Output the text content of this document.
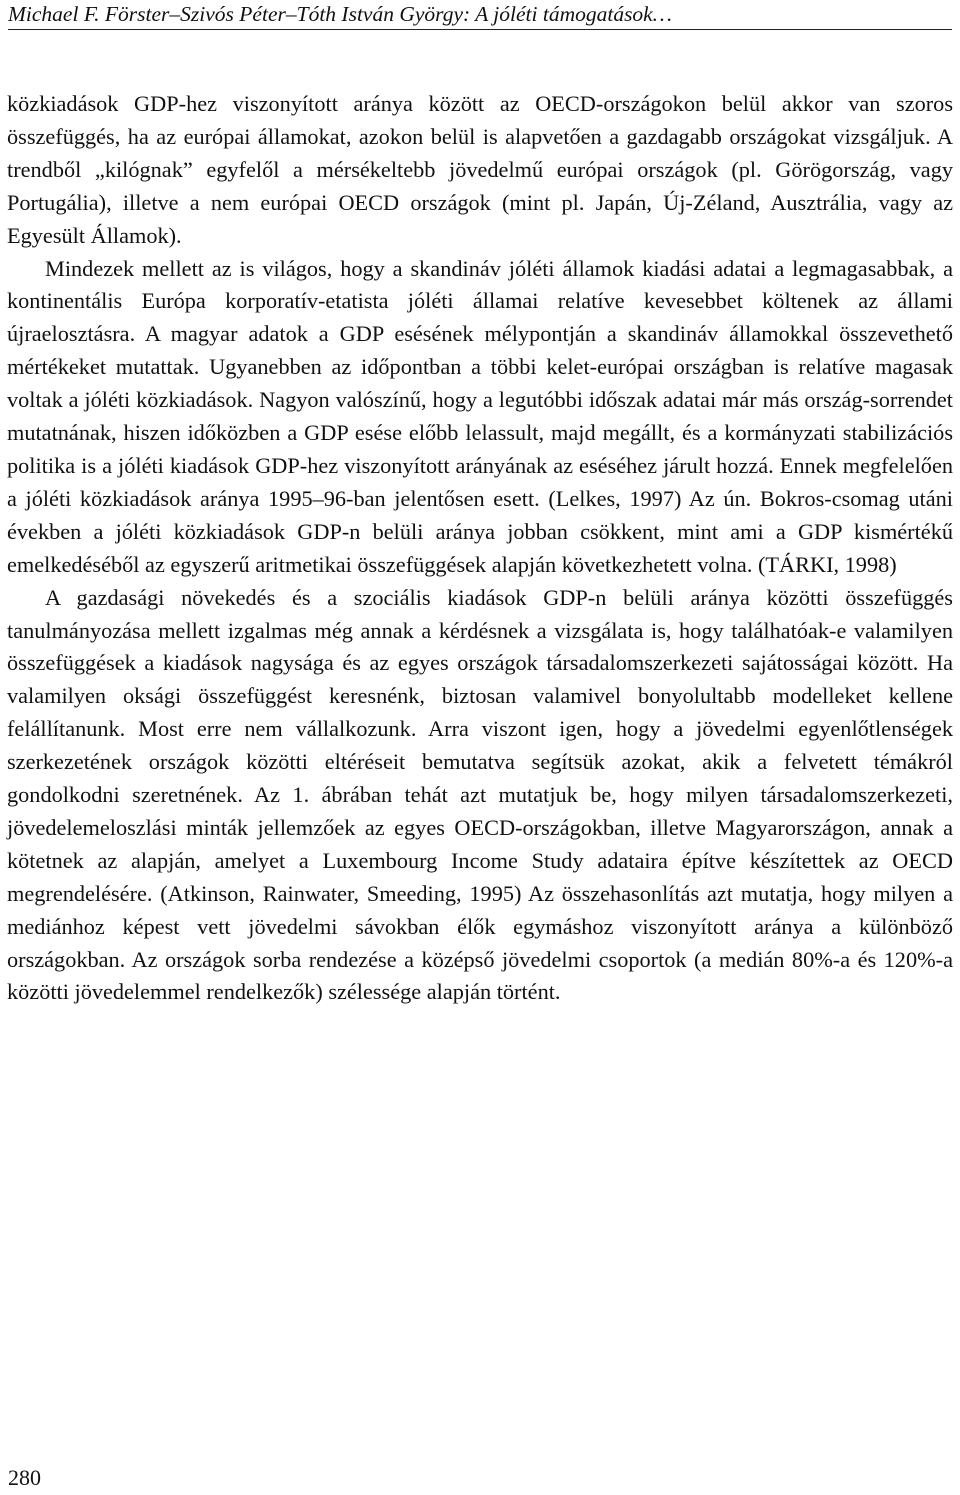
Michael F. Förster–Szivós Péter–Tóth István György: A jóléti támogatások…

közkiadások GDP-hez viszonyított aránya között az OECD-országokon belül akkor van szoros összefüggés, ha az európai államokat, azokon belül is alapvetően a gazdagabb országokat vizsgáljuk. A trendből „kilógnak” egyfelől a mérsékeltebb jövedelmű európai országok (pl. Görögország, vagy Portugália), illetve a nem európai OECD országok (mint pl. Japán, Új-Zéland, Ausztrália, vagy az Egyesült Államok).

Mindezek mellett az is világos, hogy a skandináv jóléti államok kiadási adatai a legmagasabbak, a kontinentális Európa korporatív-etatista jóléti államai relatíve kevesebbet költenek az állami újraelosztásra. A magyar adatok a GDP esésének mélypontján a skandináv államokkal összevethető mértékeket mutattak. Ugyanebben az időpontban a többi kelet-európai országban is relatíve magasak voltak a jóléti közkiadások. Nagyon valószínű, hogy a legutóbbi időszak adatai már más ország-sorrendet mutatnának, hiszen időközben a GDP esése előbb lelassult, majd megállt, és a kormányzati stabilizációs politika is a jóléti kiadások GDP-hez viszonyított arányának az eséséhez járult hozzá. Ennek megfelelően a jóléti közkiadások aránya 1995–96-ban jelentősen esett. (Lelkes, 1997) Az ún. Bokros-csomag utáni években a jóléti közkiadások GDP-n belüli aránya jobban csökkent, mint ami a GDP kismértékű emelkedéséből az egyszerű aritmetikai összefüggések alapján következhetett volna. (TÁRKI, 1998)

A gazdasági növekedés és a szociális kiadások GDP-n belüli aránya közötti összefüggés tanulmányozása mellett izgalmas még annak a kérdésnek a vizsgálata is, hogy találhatóak-e valamilyen összefüggések a kiadások nagysága és az egyes országok társadalomszerkezeti sajátosságai között. Ha valamilyen oksági összefüggést keresnénk, biztosan valamivel bonyolultabb modelleket kellene felállítanunk. Most erre nem vállalkozunk. Arra viszont igen, hogy a jövedelmi egyenlőtlenségek szerkezetének országok közötti eltéréseit bemutatva segítsük azokat, akik a felvetett témákról gondolkodni szeretnének. Az 1. ábrában tehát azt mutatjuk be, hogy milyen társadalomszerkezeti, jövedelemeloszlási minták jellemzőek az egyes OECD-országokban, illetve Magyarországon, annak a kötetnek az alapján, amelyet a Luxembourg Income Study adataira építve készítettek az OECD megrendelésére. (Atkinson, Rainwater, Smeeding, 1995) Az összehasonlítás azt mutatja, hogy milyen a mediánhoz képest vett jövedelmi sávokban élők egymáshoz viszonyított aránya a különböző országokban. Az országok sorba rendezése a középső jövedelmi csoportok (a medián 80%-a és 120%-a közötti jövedelemmel rendelkezők) szélessége alapján történt.

280
